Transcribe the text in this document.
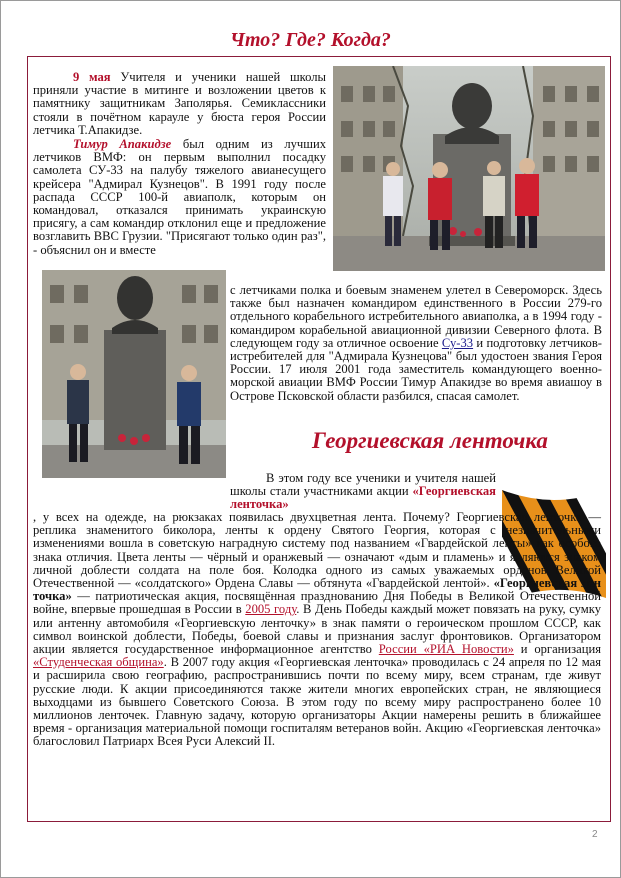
Что? Где? Когда?

9 мая Учителя и ученики нашей школы приняли участие в митинге и возложении цветов к памятнику защитникам Заполярья. Семиклассники стояли в почётном карауле у бюста героя России летчика Т.Апакидзе.

Тимур Апакидзе был одним из лучших летчиков ВМФ: он первым выполнил посадку самолета СУ-33 на палубу тяжелого авианесущего крейсера "Адмирал Кузнецов". В 1991 году после распада СССР 100-й авиаполк, которым он командовал, отказался принимать украинскую присягу, а сам командир отклонил еще и предложение возглавить ВВС Грузии. "Присягают только один раз", - объяснил он и вместе

с летчиками полка и боевым знаменем улетел в Североморск. Здесь также был назначен командиром единственного в России 279-го отдельного корабельного истребительного авиаполка, а в 1994 году - командиром корабельной авиационной дивизии Северного флота. В следующем году за отличное освоение Су-33 и подготовку летчиков-истребителей для "Адмирала Кузнецова" был удостоен звания Героя России. 17 июля 2001 года заместитель командующего военно-морской авиации ВМФ России Тимур Апакидзе во время авиашоу в Острове Псковской области разбился, спасая самолет.

Георгиевская ленточка

В этом году все ученики и учителя нашей школы стали участниками акции «Георгиевская ленточка»

, у всех на одежде, на рюкзаках появилась двухцветная лента. Почему? Георгиевская ленточка — реплика знаменитого биколора, ленты к ордену Святого Георгия, которая с незначительными изменениями вошла в советскую наградную систему под названием «Гвардейской ленты» как особого знака отличия. Цвета ленты — чёрный и оранжевый — означают «дым и пламень» и являются знаком личной доблести солдата на поле боя. Колодка одного из самых уважаемых орденов Великой Отечественной — «солдатского» Ордена Славы — обтянута «Гвардейской лентой». «Георгиевская лен точка» — патриотическая акция, посвящённая празднованию Дня Победы в Великой Отечественной войне, впервые прошедшая в России в 2005 году. В День Победы каждый может повязать на руку, сумку или антенну автомобиля «Георгиевскую ленточку» в знак памяти о героическом прошлом СССР, как символ воинской доблести, Победы, боевой славы и признания заслуг фронтовиков. Организатором акции является государственное информационное агентство России «РИА Новости» и организация «Студенческая община». В 2007 году акция «Георгиевская ленточка» проводилась с 24 апреля по 12 мая и расширила свою географию, распространившись почти по всему миру, всем странам, где живут русские люди. К акции присоединяются также жители многих европейских стран, не являющиеся выходцами из бывшего Советского Союза. В этом году по всему миру распространено более 10 миллионов ленточек. Главную задачу, которую организаторы Акции намерены решить в ближайшее время - организация материальной помощи госпиталям ветеранов войн. Акцию «Георгиевская ленточка» благословил Патриарх Всея Руси Алексий II.

2
